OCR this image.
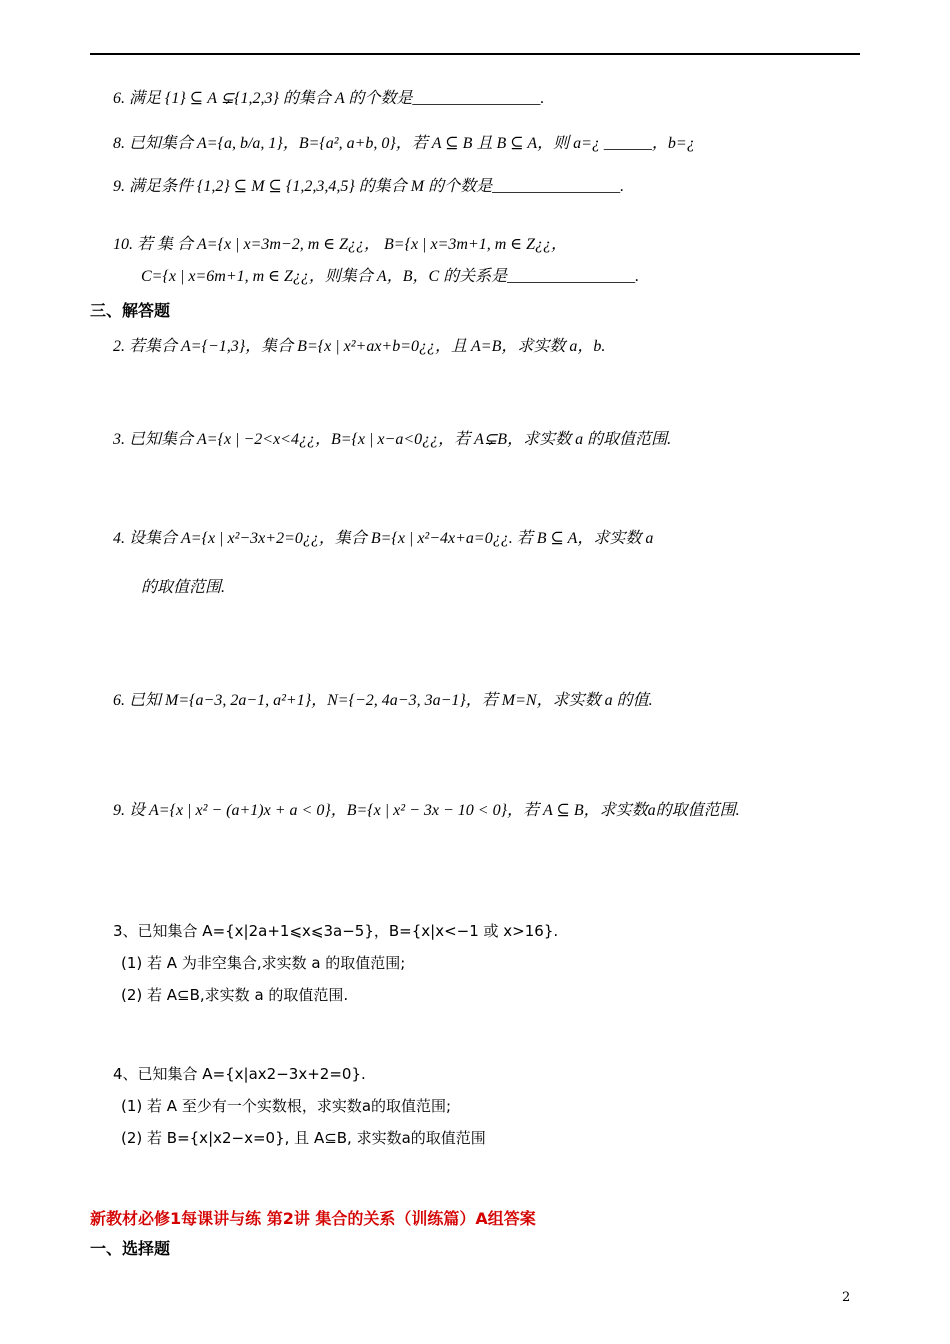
6. 满足 {1} ⊆ A ⊊{1,2,3} 的集合 A 的个数是________________.
8. 已知集合 A={a, b/a, 1}，B={a², a+b, 0}，若 A ⊆ B 且 B ⊆ A，则 a=¿ ______，b=¿
9. 满足条件 {1,2} ⊆ M ⊆ {1,2,3,4,5} 的集合 M 的个数是________________.
10. 若 集 合 A={x | x=3m−2, m ∈ Z¿¿， B={x | x=3m+1, m ∈ Z¿¿，
C={x | x=6m+1, m ∈ Z¿¿，则集合 A，B，C 的关系是________________.
三、解答题
2. 若集合 A={−1,3}，集合 B={x | x²+ax+b=0¿¿，且 A=B，求实数 a，b.
3. 已知集合 A={x | −2<x<4¿¿，B={x | x−a<0¿¿，若 A⊊B，求实数 a 的取值范围.
4. 设集合 A={x | x²−3x+2=0¿¿，集合 B={x | x²−4x+a=0¿¿. 若 B ⊆ A，求实数 a
的取值范围.
6. 已知 M={a−3, 2a−1, a²+1}，N={−2, 4a−3, 3a−1}，若 M=N，求实数 a 的值.
9. 设 A={x | x² − (a+1)x + a < 0}，B={x | x² − 3x − 10 < 0}，若 A ⊆ B，求实数a的取值范围.
3、已知集合 A={x|2a+1⩽x⩽3a−5}，B={x|x<−1 或 x>16}.
(1) 若 A 为非空集合,求实数 a 的取值范围;
(2) 若 A⊆B,求实数 a 的取值范围.
4、已知集合 A={x|ax2−3x+2=0}.
(1) 若 A 至少有一个实数根，求实数a的取值范围;
(2) 若 B={x|x2−x=0}, 且 A⊆B, 求实数a的取值范围
新教材必修1每课讲与练 第2讲 集合的关系（训练篇）A组答案
一、选择题
2
